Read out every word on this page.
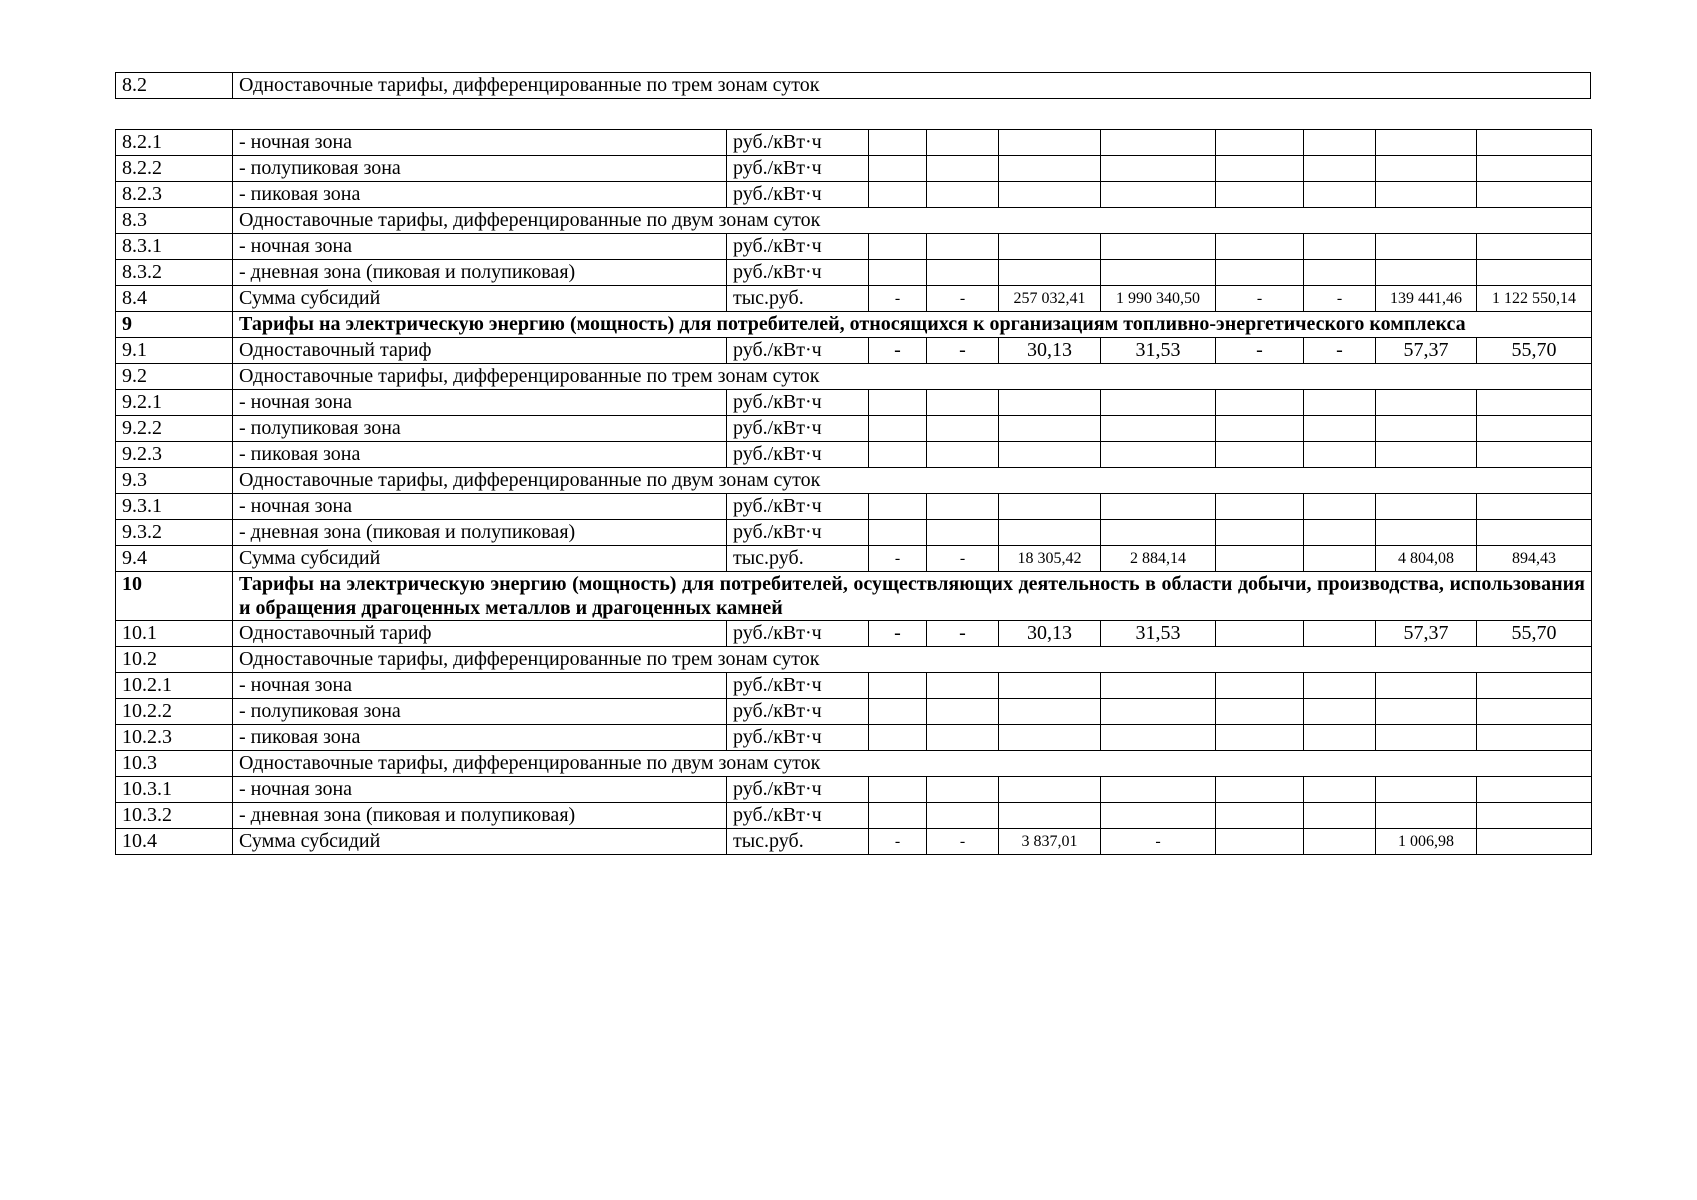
8.2	Одноставочные тарифы, дифференцированные по трем зонам суток
8.2.1	- ночная зона	руб./кВт·ч								
8.2.2	- полупиковая зона	руб./кВт·ч								
8.2.3	- пиковая зона	руб./кВт·ч								
8.3	Одноставочные тарифы, дифференцированные по двум зонам суток									
8.3.1	- ночная зона	руб./кВт·ч								
8.3.2	- дневная зона (пиковая и полупиковая)	руб./кВт·ч								
8.4	Сумма субсидий	тыс.руб.	-	-	257 032,41	1 990 340,50	-	-	139 441,46	1 122 550,14
9	Тарифы на электрическую энергию (мощность) для потребителей, относящихся к организациям топливно-энергетического комплекса									
9.1	Одноставочный тариф	руб./кВт·ч	-	-	30,13	31,53	-	-	57,37	55,70
9.2	Одноставочные тарифы, дифференцированные по трем зонам суток									
9.2.1	- ночная зона	руб./кВт·ч								
9.2.2	- полупиковая зона	руб./кВт·ч								
9.2.3	- пиковая зона	руб./кВт·ч								
9.3	Одноставочные тарифы, дифференцированные по двум зонам суток									
9.3.1	- ночная зона	руб./кВт·ч								
9.3.2	- дневная зона (пиковая и полупиковая)	руб./кВт·ч								
9.4	Сумма субсидий	тыс.руб.	-	-	18 305,42	2 884,14			4 804,08	894,43
10	Тарифы на электрическую энергию (мощность) для потребителей, осуществляющих деятельность в области добычи, производства, использования и обращения драгоценных металлов и драгоценных камней									
10.1	Одноставочный тариф	руб./кВт·ч	-	-	30,13	31,53			57,37	55,70
10.2	Одноставочные тарифы, дифференцированные по трем зонам суток									
10.2.1	- ночная зона	руб./кВт·ч								
10.2.2	- полупиковая зона	руб./кВт·ч								
10.2.3	- пиковая зона	руб./кВт·ч								
10.3	Одноставочные тарифы, дифференцированные по двум зонам суток									
10.3.1	- ночная зона	руб./кВт·ч								
10.3.2	- дневная зона (пиковая и полупиковая)	руб./кВт·ч								
10.4	Сумма субсидий	тыс.руб.	-	-	3 837,01	-			1 006,98	
